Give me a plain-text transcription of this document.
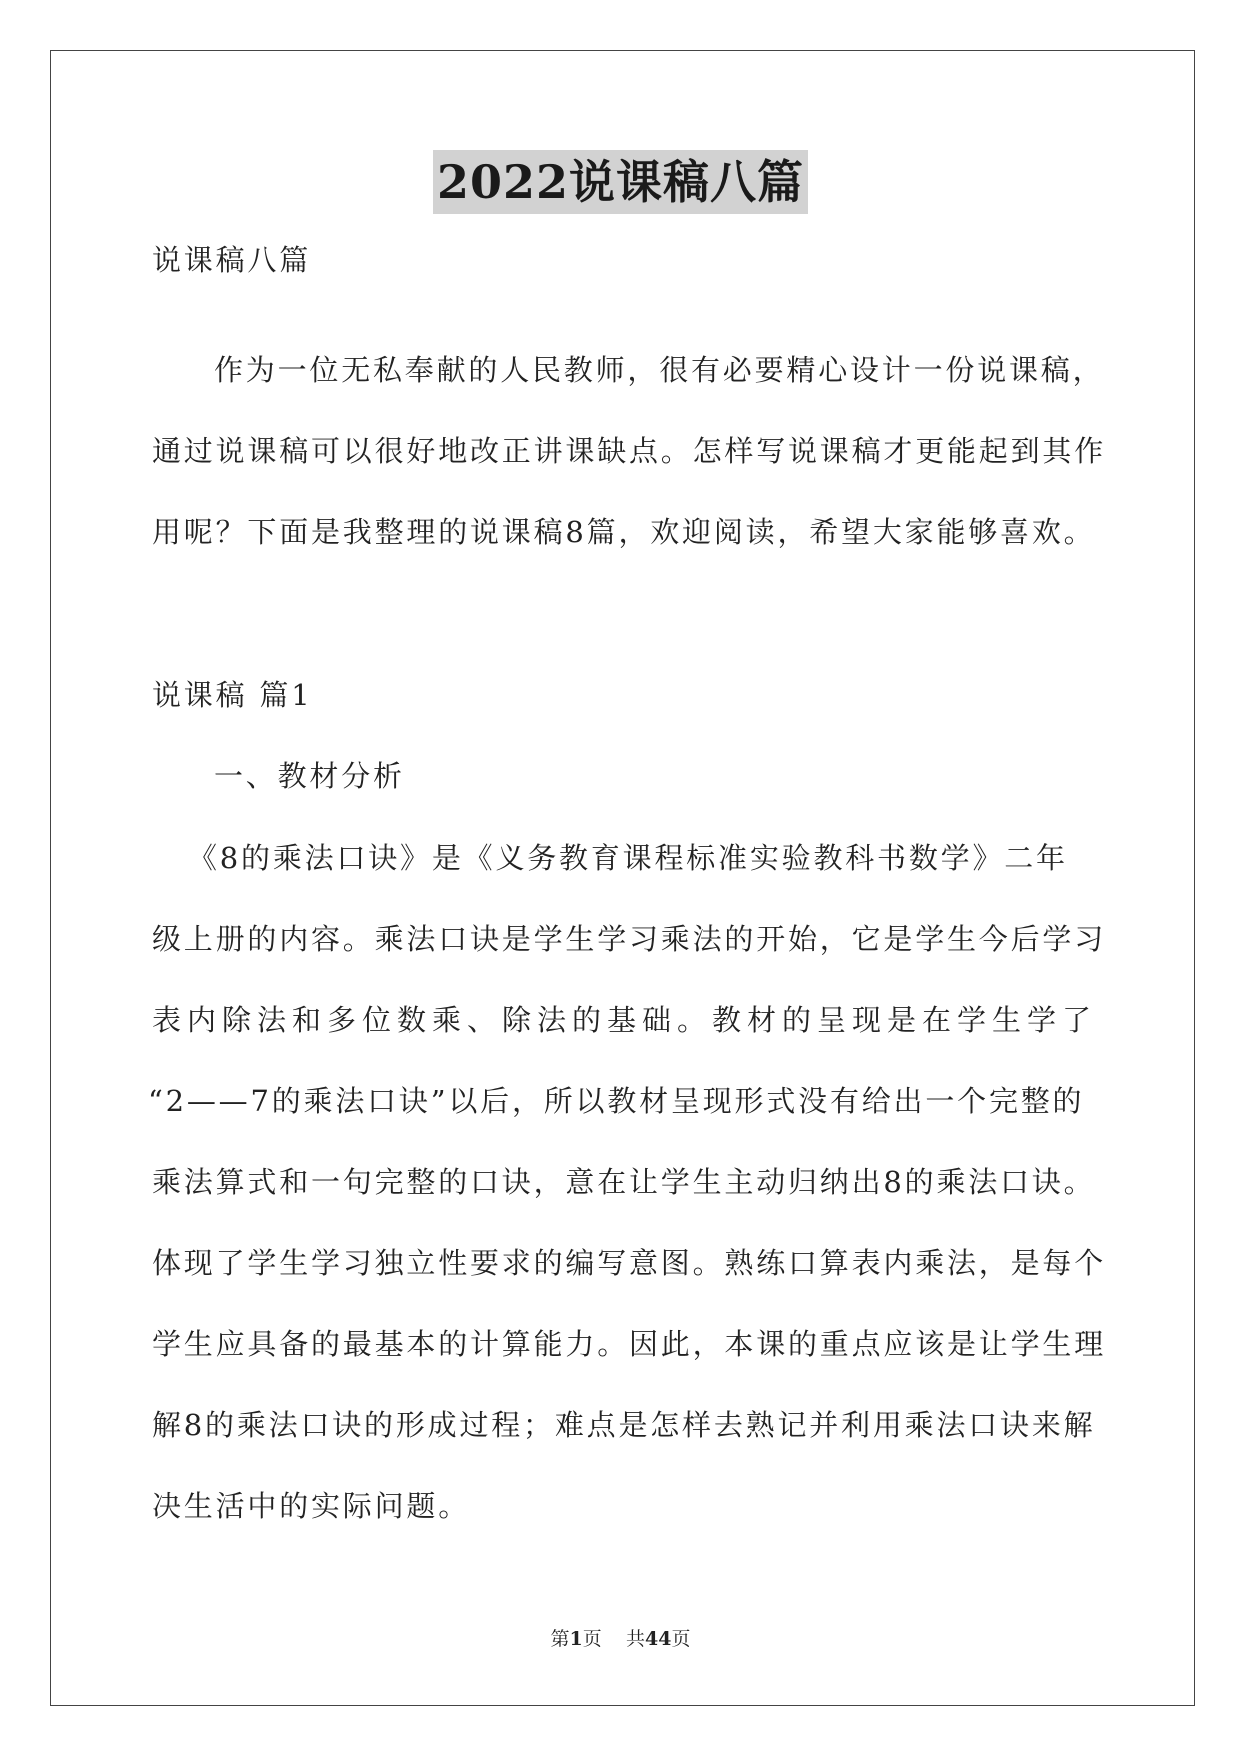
2022说课稿八篇
说课稿八篇
作为一位无私奉献的人民教师，很有必要精心设计一份说课稿，
通过说课稿可以很好地改正讲课缺点。怎样写说课稿才更能起到其作
用呢？下面是我整理的说课稿8篇，欢迎阅读，希望大家能够喜欢。
说课稿 篇1
一、教材分析
《8的乘法口诀》是《义务教育课程标准实验教科书数学》二年
级上册的内容。乘法口诀是学生学习乘法的开始，它是学生今后学习
表内除法和多位数乘、除法的基础。教材的呈现是在学生学了
“2——7的乘法口诀”以后，所以教材呈现形式没有给出一个完整的
乘法算式和一句完整的口诀，意在让学生主动归纳出8的乘法口诀。
体现了学生学习独立性要求的编写意图。熟练口算表内乘法，是每个
学生应具备的最基本的计算能力。因此，本课的重点应该是让学生理
解8的乘法口诀的形成过程；难点是怎样去熟记并利用乘法口诀来解
决生活中的实际问题。
第1页 共44页
